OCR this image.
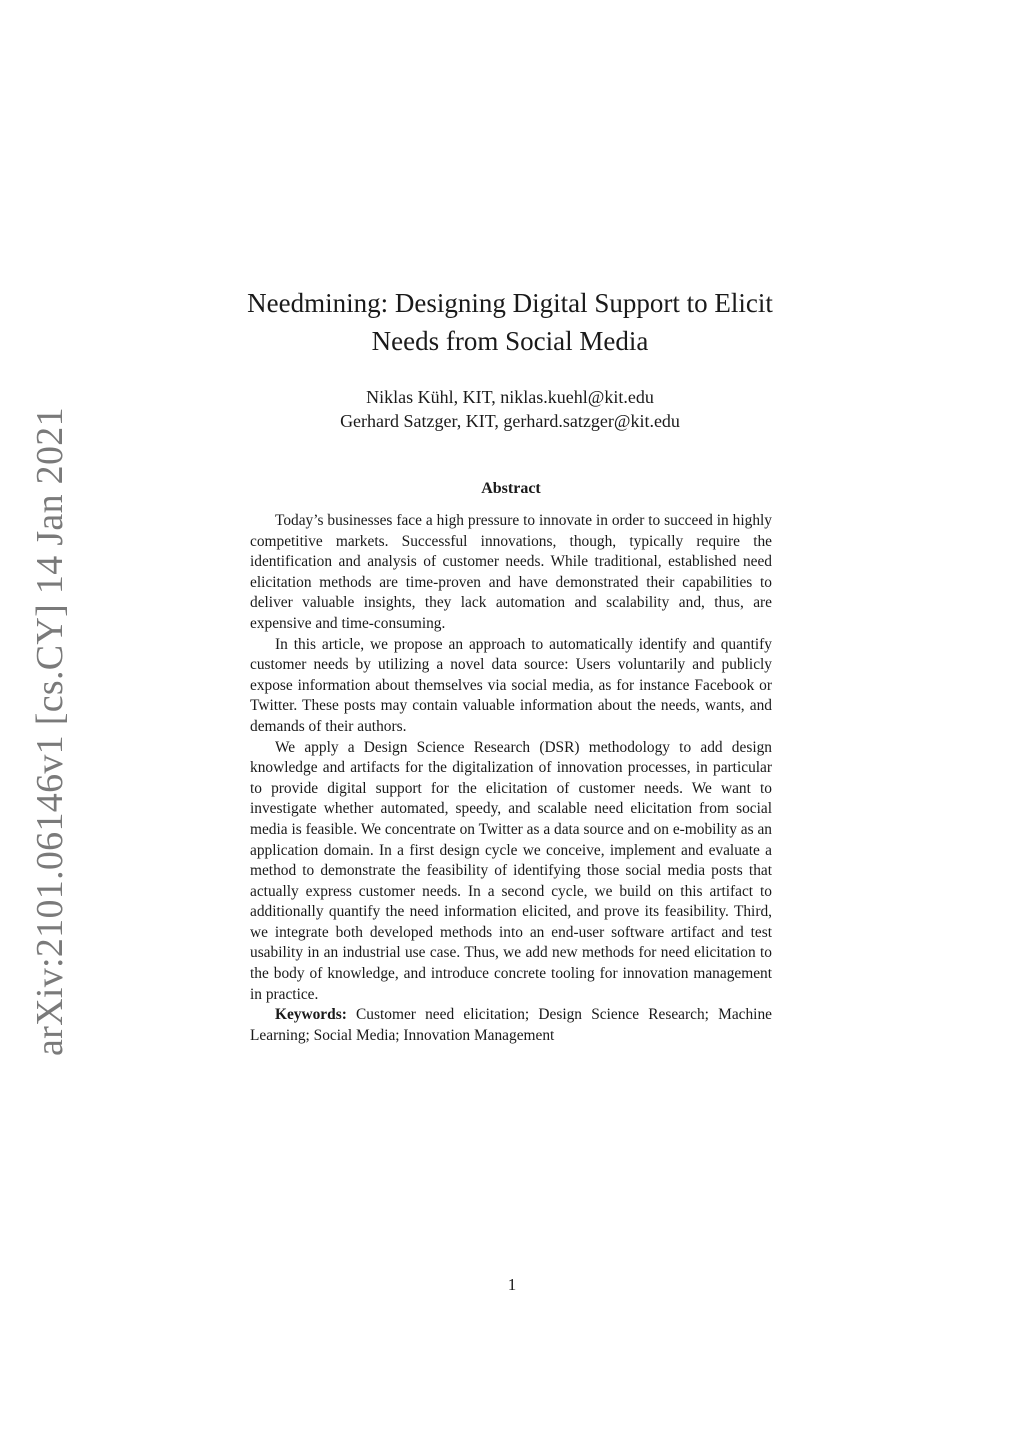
arXiv:2101.06146v1 [cs.CY] 14 Jan 2021
Needmining: Designing Digital Support to Elicit
Needs from Social Media
Niklas Kühl, KIT, niklas.kuehl@kit.edu
Gerhard Satzger, KIT, gerhard.satzger@kit.edu
Abstract

Today’s businesses face a high pressure to innovate in order to succeed in highly competitive markets. Successful innovations, though, typically require the identification and analysis of customer needs. While traditional, established need elicitation methods are time-proven and have demonstrated their capabilities to deliver valuable insights, they lack automation and scalability and, thus, are expensive and time-consuming.

In this article, we propose an approach to automatically identify and quantify customer needs by utilizing a novel data source: Users voluntarily and publicly expose information about themselves via social media, as for instance Facebook or Twitter. These posts may contain valuable information about the needs, wants, and demands of their authors.

We apply a Design Science Research (DSR) methodology to add design knowledge and artifacts for the digitalization of innovation processes, in particular to provide digital support for the elicitation of customer needs. We want to investigate whether automated, speedy, and scalable need elicitation from social media is feasible. We concentrate on Twitter as a data source and on e-mobility as an application domain. In a first design cycle we conceive, implement and evaluate a method to demonstrate the feasibility of identifying those social media posts that actually express customer needs. In a second cycle, we build on this artifact to additionally quantify the need information elicited, and prove its feasibility. Third, we integrate both developed methods into an end-user software artifact and test usability in an industrial use case. Thus, we add new methods for need elicitation to the body of knowledge, and introduce concrete tooling for innovation management in practice.

Keywords: Customer need elicitation; Design Science Research; Machine Learning; Social Media; Innovation Management

1
